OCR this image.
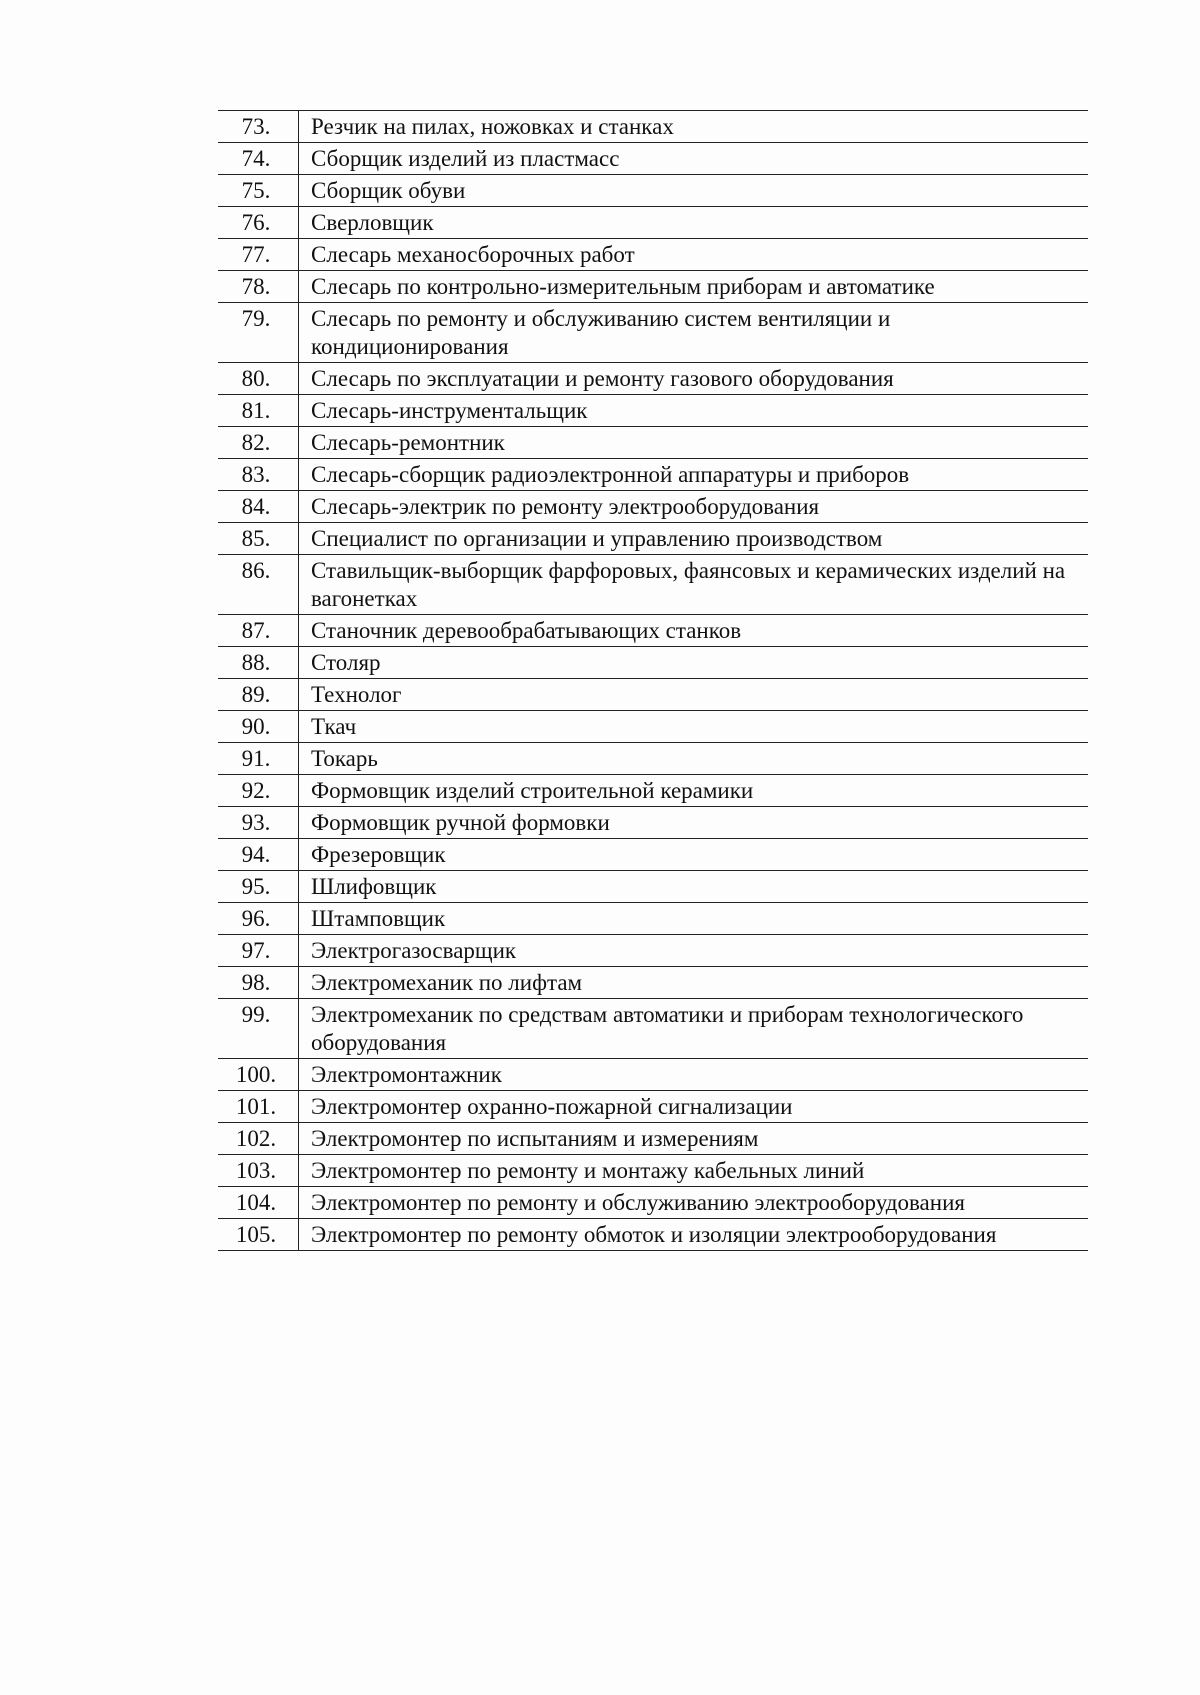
73.	Резчик на пилах, ножовках и станках
74.	Сборщик изделий из пластмасс
75.	Сборщик обуви
76.	Сверловщик
77.	Слесарь механосборочных работ
78.	Слесарь по контрольно-измерительным приборам и автоматике
79.	Слесарь по ремонту и обслуживанию систем вентиляции и кондиционирования
80.	Слесарь по эксплуатации и ремонту газового оборудования
81.	Слесарь-инструментальщик
82.	Слесарь-ремонтник
83.	Слесарь-сборщик радиоэлектронной аппаратуры и приборов
84.	Слесарь-электрик по ремонту электрооборудования
85.	Специалист по организации и управлению производством
86.	Ставильщик-выборщик фарфоровых, фаянсовых и керамических изделий на вагонетках
87.	Станочник деревообрабатывающих станков
88.	Столяр
89.	Технолог
90.	Ткач
91.	Токарь
92.	Формовщик изделий строительной керамики
93.	Формовщик ручной формовки
94.	Фрезеровщик
95.	Шлифовщик
96.	Штамповщик
97.	Электрогазосварщик
98.	Электромеханик по лифтам
99.	Электромеханик по средствам автоматики и приборам технологического оборудования
100.	Электромонтажник
101.	Электромонтер охранно-пожарной сигнализации
102.	Электромонтер по испытаниям и измерениям
103.	Электромонтер по ремонту и монтажу кабельных линий
104.	Электромонтер по ремонту и обслуживанию электрооборудования
105.	Электромонтер по ремонту обмоток и изоляции электрооборудования
